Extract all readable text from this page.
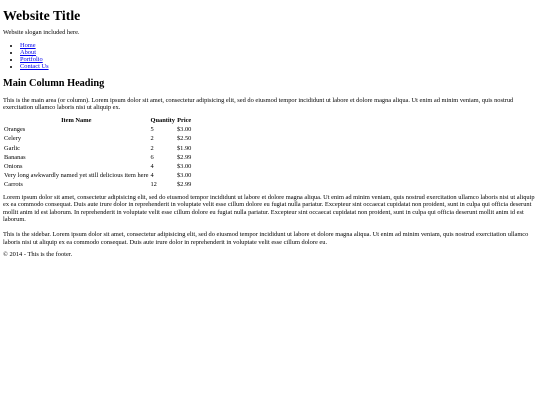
Website Title

Website slogan included here.

• Home
• About
• Portfolio
• Contact Us
Main Column Heading

This is the main area (or column). Lorem ipsum dolor sit amet, consectetur adipisicing elit, sed do eiusmod tempor incididunt ut labore et dolore magna aliqua. Ut enim ad minim veniam, quis nostrud exercitation ullamco laboris nisi ut aliquip ex.

Item Name	Quantity	Price
Oranges	5	$3.00
Celery	2	$2.50
Garlic	2	$1.90
Bananas	6	$2.99
Onions	4	$3.00
Very long awkwardly named yet still delicious item here	4	$3.00
Carrots	12	$2.99

Lorem ipsum dolor sit amet, consectetur adipisicing elit, sed do eiusmod tempor incididunt ut labore et dolore magna aliqua. Ut enim ad minim veniam, quis nostrud exercitation ullamco laboris nisi ut aliquip ex ea commodo consequat. Duis aute irure dolor in reprehenderit in voluptate velit esse cillum dolore eu fugiat nulla pariatur. Excepteur sint occaecat cupidatat non proident, sunt in culpa qui officia deserunt mollit anim id est laborum. In reprehenderit in voluptate velit esse cillum dolore eu fugiat nulla pariatur. Excepteur sint occaecat cupidatat non proident, sunt in culpa qui officia deserunt mollit anim id est laborum.

This is the sidebar. Lorem ipsum dolor sit amet, consectetur adipisicing elit, sed do eiusmod tempor incididunt ut labore et dolore magna aliqua. Ut enim ad minim veniam, quis nostrud exercitation ullamco laboris nisi ut aliquip ex ea commodo consequat. Duis aute irure dolor in reprehenderit in voluptate velit esse cillum dolore eu.

© 2014 - This is the footer.
